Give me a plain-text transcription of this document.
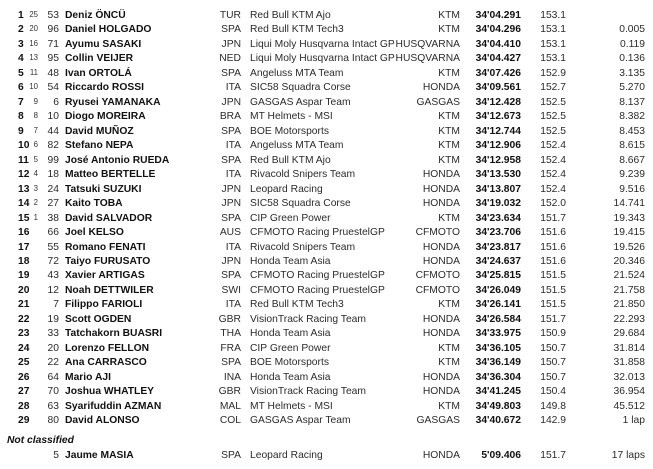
1 25 53 Deniz ÖNCÜ	TUR Red Bull KTM Ajo	KTM	34'04.291	153.1
2 20 96 Daniel HOLGADO	SPA Red Bull KTM Tech3	KTM	34'04.296	153.1	0.005
3 16 71 Ayumu SASAKI	JPN Liqui Moly Husqvarna Intact GP HUSQVARNA	34'04.410	153.1	0.119
4 13 95 Collin VEIJER	NED Liqui Moly Husqvarna Intact GP HUSQVARNA	34'04.427	153.1	0.136
5 11 48 Ivan ORTOLÁ	SPA Angeluss MTA Team	KTM	34'07.426	152.9	3.135
6 10 54 Riccardo ROSSI	ITA SIC58 Squadra Corse	HONDA	34'09.561	152.7	5.270
7	9	6 Ryusei YAMANAKA	JPN GASGAS Aspar Team	GASGAS	34'12.428	152.5	8.137
8	8 10 Diogo MOREIRA	BRA MT Helmets - MSI	KTM	34'12.673	152.5	8.382
9	7 44 David MUÑOZ	SPA BOE Motorsports	KTM	34'12.744	152.5	8.453
10 6 82 Stefano NEPA	ITA Angeluss MTA Team	KTM	34'12.906	152.4	8.615
11 5 99 José Antonio RUEDA	SPA Red Bull KTM Ajo	KTM	34'12.958	152.4	8.667
12 4 18 Matteo BERTELLE	ITA Rivacold Snipers Team	HONDA	34'13.530	152.4	9.239
13 3 24 Tatsuki SUZUKI	JPN Leopard Racing	HONDA	34'13.807	152.4	9.516
14 2 27 Kaito TOBA	JPN SIC58 Squadra Corse	HONDA	34'19.032	152.0	14.741
15 1 38 David SALVADOR	SPA CIP Green Power	KTM	34'23.634	151.7	19.343
16	66 Joel KELSO	AUS CFMOTO Racing PruestelGP	CFMOTO	34'23.706	151.6	19.415
17	55 Romano FENATI	ITA Rivacold Snipers Team	HONDA	34'23.817	151.6	19.526
18	72 Taiyo FURUSATO	JPN Honda Team Asia	HONDA	34'24.637	151.6	20.346
19	43 Xavier ARTIGAS	SPA CFMOTO Racing PruestelGP	CFMOTO	34'25.815	151.5	21.524
20	12 Noah DETTWILER	SWI CFMOTO Racing PruestelGP	CFMOTO	34'26.049	151.5	21.758
21	7 Filippo FARIOLI	ITA Red Bull KTM Tech3	KTM	34'26.141	151.5	21.850
22	19 Scott OGDEN	GBR VisionTrack Racing Team	HONDA	34'26.584	151.7	22.293
23	33 Tatchakorn BUASRI	THA Honda Team Asia	HONDA	34'33.975	150.9	29.684
24	20 Lorenzo FELLON	FRA CIP Green Power	KTM	34'36.105	150.7	31.814
25	22 Ana CARRASCO	SPA BOE Motorsports	KTM	34'36.149	150.7	31.858
26	64 Mario AJI	INA Honda Team Asia	HONDA	34'36.304	150.7	32.013
27	70 Joshua WHATLEY	GBR VisionTrack Racing Team	HONDA	34'41.245	150.4	36.954
28	63 Syarifuddin AZMAN	MAL MT Helmets - MSI	KTM	34'49.803	149.8	45.512
29	80 David ALONSO	COL GASGAS Aspar Team	GASGAS	34'40.672	142.9	1 lap
Not classified
5 Jaume MASIA	SPA Leopard Racing	HONDA	5'09.406	151.7	17 laps
